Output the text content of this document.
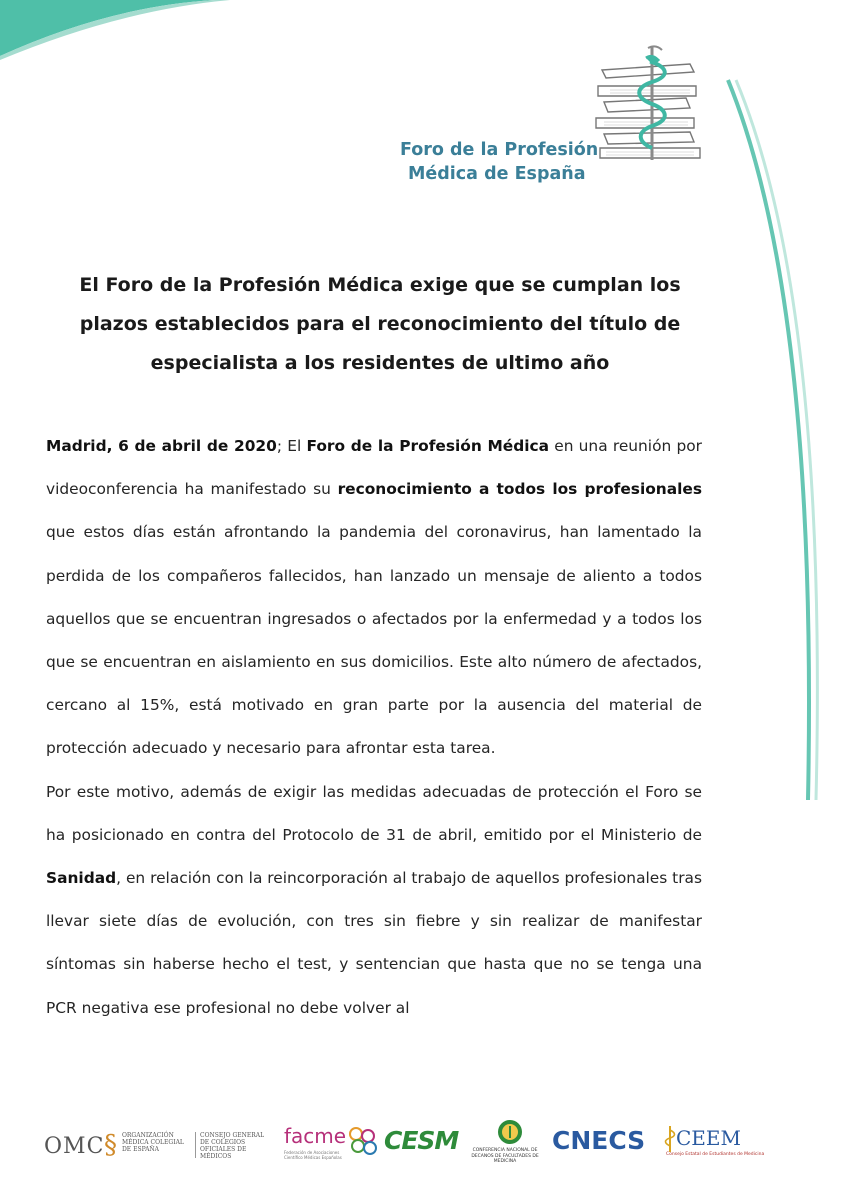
Foro de la Profesión
Médica de España
El Foro de la Profesión Médica exige que se cumplan los
plazos establecidos para el reconocimiento del título de
especialista a los residentes de ultimo año

Madrid, 6 de abril de 2020; El Foro de la Profesión Médica en una reunión por videoconferencia ha manifestado su reconocimiento a todos los profesionales que estos días están afrontando la pandemia del coronavirus, han lamentado la perdida de los compañeros fallecidos, han lanzado un mensaje de aliento a todos aquellos que se encuentran ingresados o afectados por la enfermedad y a todos los que se encuentran en aislamiento en sus domicilios. Este alto número de afectados, cercano al 15%, está motivado en gran parte por la ausencia del material de protección adecuado y necesario para afrontar esta tarea.

Por este motivo, además de exigir las medidas adecuadas de protección el Foro se ha posicionado en contra del Protocolo de 31 de abril, emitido por el Ministerio de Sanidad, en relación con la reincorporación al trabajo de aquellos profesionales tras llevar siete días de evolución, con tres sin fiebre y sin realizar de manifestar síntomas sin haberse hecho el test, y sentencian que hasta que no se tenga una PCR negativa ese profesional no debe volver al

OMC § ORGANIZACIÓN MÉDICA COLEGIAL DE ESPAÑA
CONSEJO GENERAL DE COLEGIOS OFICIALES DE MÉDICOS
facme
Federación de Asociaciones Científico Médicas Españolas
CESM	CONFERENCIA NACIONAL DE DECANOS DE FACULTADES DE MEDICINA
CNECS CEEM
Consejo Estatal de Estudiantes de Medicina
